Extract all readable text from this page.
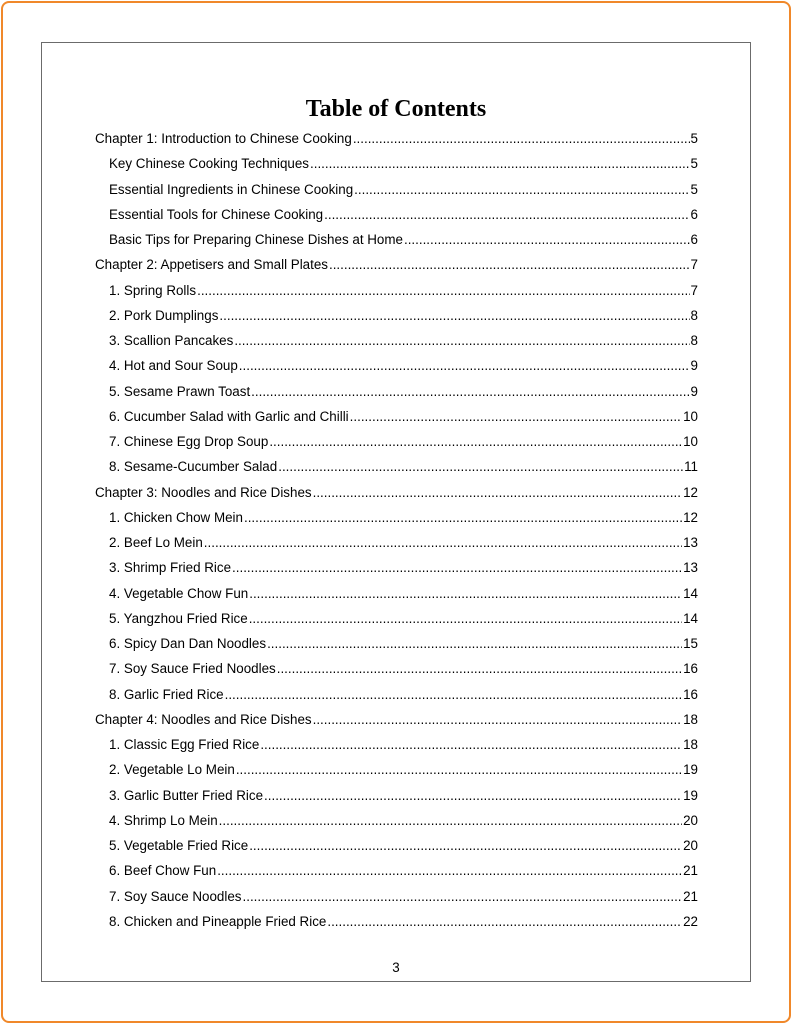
Table of Contents
Chapter 1: Introduction to Chinese Cooking .....	5
Key Chinese Cooking Techniques .....	5
Essential Ingredients in Chinese Cooking .....	5
Essential Tools for Chinese Cooking .....	6
Basic Tips for Preparing Chinese Dishes at Home .....	6
Chapter 2: Appetisers and Small Plates .....	7
1. Spring Rolls .....	7
2. Pork Dumplings .....	8
3. Scallion Pancakes .....	8
4. Hot and Sour Soup .....	9
5. Sesame Prawn Toast .....	9
6. Cucumber Salad with Garlic and Chilli .....	10
7. Chinese Egg Drop Soup .....	10
8. Sesame-Cucumber Salad .....	11
Chapter 3: Noodles and Rice Dishes .....	12
1. Chicken Chow Mein .....	12
2. Beef Lo Mein .....	13
3. Shrimp Fried Rice .....	13
4. Vegetable Chow Fun .....	14
5. Yangzhou Fried Rice .....	14
6. Spicy Dan Dan Noodles .....	15
7. Soy Sauce Fried Noodles .....	16
8. Garlic Fried Rice .....	16
Chapter 4: Noodles and Rice Dishes .....	18
1. Classic Egg Fried Rice .....	18
2. Vegetable Lo Mein .....	19
3. Garlic Butter Fried Rice .....	19
4. Shrimp Lo Mein .....	20
5. Vegetable Fried Rice .....	20
6. Beef Chow Fun .....	21
7. Soy Sauce Noodles .....	21
8. Chicken and Pineapple Fried Rice .....	22
3
